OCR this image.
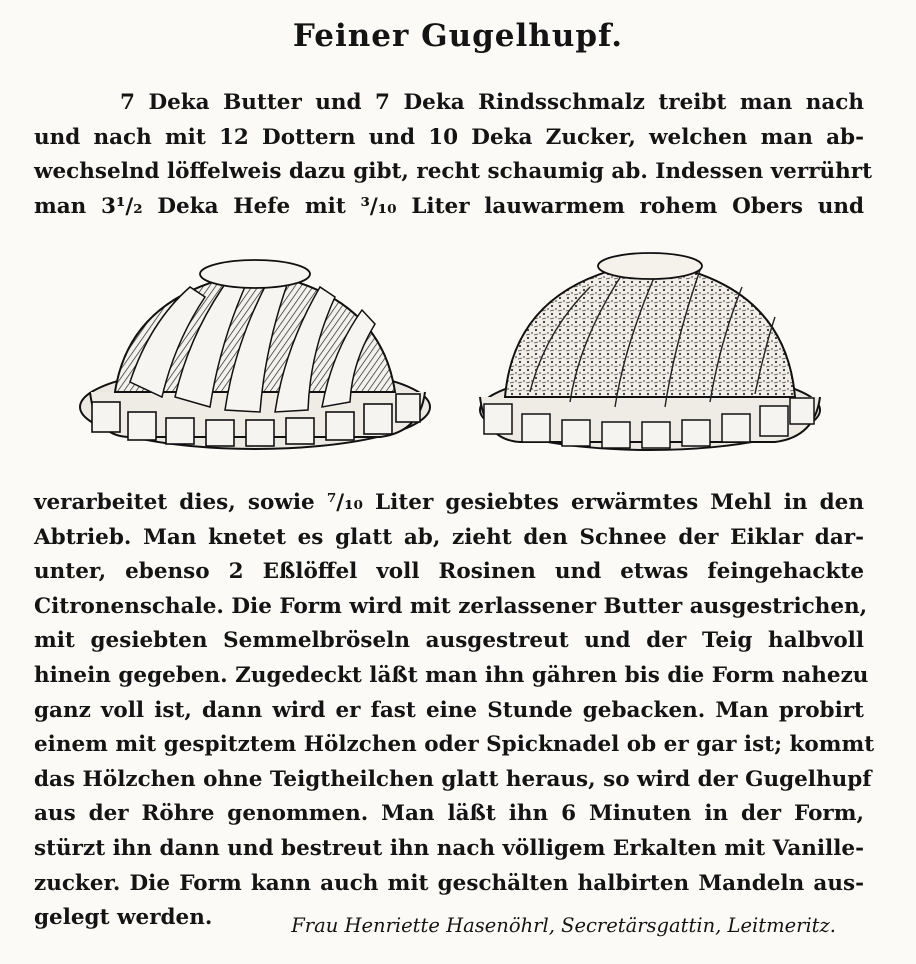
Feiner Gugelhupf.
7 Deka Butter und 7 Deka Rindsschmalz treibt man nach
und nach mit 12 Dottern und 10 Deka Zucker, welchen man ab-
wechselnd löffelweis dazu gibt, recht schaumig ab. Indessen verrührt
man 3¹/₂ Deka Hefe mit ³/₁₀ Liter lauwarmem rohem Obers und
verarbeitet dies, sowie ⁷/₁₀ Liter gesiebtes erwärmtes Mehl in den
Abtrieb. Man knetet es glatt ab, zieht den Schnee der Eiklar dar-
unter, ebenso 2 Eßlöffel voll Rosinen und etwas feingehackte
Citronenschale. Die Form wird mit zerlassener Butter ausgestrichen,
mit gesiebten Semmelbröseln ausgestreut und der Teig halbvoll
hinein gegeben. Zugedeckt läßt man ihn gähren bis die Form nahezu
ganz voll ist, dann wird er fast eine Stunde gebacken. Man probirt
einem mit gespitztem Hölzchen oder Spicknadel ob er gar ist; kommt
das Hölzchen ohne Teigtheilchen glatt heraus, so wird der Gugelhupf
aus der Röhre genommen. Man läßt ihn 6 Minuten in der Form,
stürzt ihn dann und bestreut ihn nach völligem Erkalten mit Vanille-
zucker. Die Form kann auch mit geschälten halbirten Mandeln aus-
gelegt werden.	Frau Henriette Hasenöhrl, Secretärsgattin, Leitmeritz.
